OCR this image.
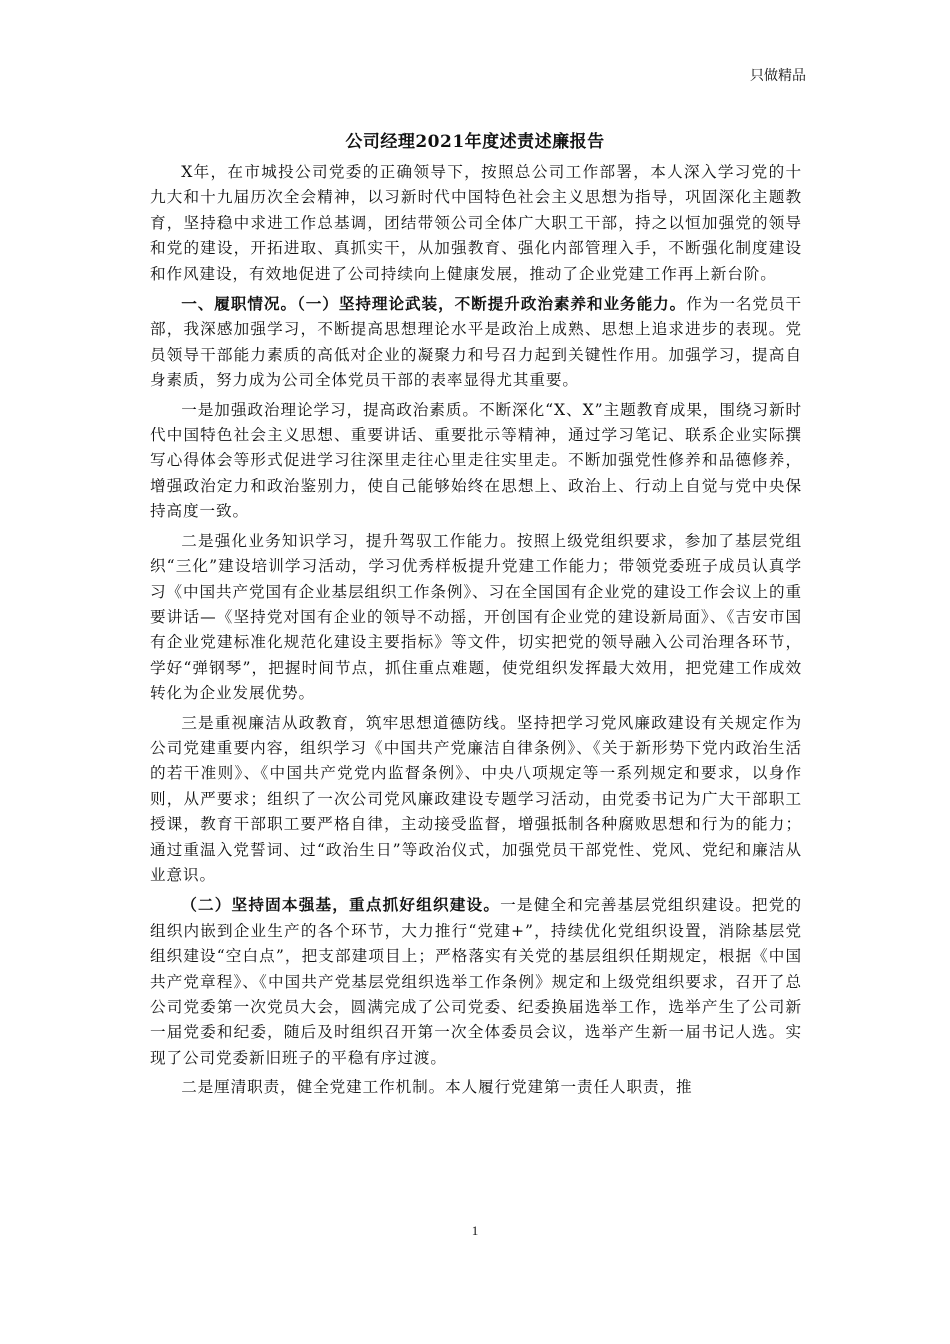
只做精品
公司经理2021年度述责述廉报告

X年，在市城投公司党委的正确领导下，按照总公司工作部署，本人深入学习党的十九大和十九届历次全会精神，以习新时代中国特色社会主义思想为指导，巩固深化主题教育，坚持稳中求进工作总基调，团结带领公司全体广大职工干部，持之以恒加强党的领导和党的建设，开拓进取、真抓实干，从加强教育、强化内部管理入手，不断强化制度建设和作风建设，有效地促进了公司持续向上健康发展，推动了企业党建工作再上新台阶。

一、履职情况。（一）坚持理论武装，不断提升政治素养和业务能力。作为一名党员干部，我深感加强学习，不断提高思想理论水平是政治上成熟、思想上追求进步的表现。党员领导干部能力素质的高低对企业的凝聚力和号召力起到关键性作用。加强学习，提高自身素质，努力成为公司全体党员干部的表率显得尤其重要。

一是加强政治理论学习，提高政治素质。不断深化“X、X”主题教育成果，围绕习新时代中国特色社会主义思想、重要讲话、重要批示等精神，通过学习笔记、联系企业实际撰写心得体会等形式促进学习往深里走往心里走往实里走。不断加强党性修养和品德修养，增强政治定力和政治鉴别力，使自己能够始终在思想上、政治上、行动上自觉与党中央保持高度一致。

二是强化业务知识学习，提升驾驭工作能力。按照上级党组织要求，参加了基层党组织“三化”建设培训学习活动，学习优秀样板提升党建工作能力；带领党委班子成员认真学习《中国共产党国有企业基层组织工作条例》、习在全国国有企业党的建设工作会议上的重要讲话—《坚持党对国有企业的领导不动摇，开创国有企业党的建设新局面》、《吉安市国有企业党建标准化规范化建设主要指标》等文件，切实把党的领导融入公司治理各环节，学好“弹钢琴”，把握时间节点，抓住重点难题，使党组织发挥最大效用，把党建工作成效转化为企业发展优势。

三是重视廉洁从政教育，筑牢思想道德防线。坚持把学习党风廉政建设有关规定作为公司党建重要内容，组织学习《中国共产党廉洁自律条例》、《关于新形势下党内政治生活的若干准则》、《中国共产党党内监督条例》、中央八项规定等一系列规定和要求，以身作则，从严要求；组织了一次公司党风廉政建设专题学习活动，由党委书记为广大干部职工授课，教育干部职工要严格自律，主动接受监督，增强抵制各种腐败思想和行为的能力；通过重温入党誓词、过“政治生日”等政治仪式，加强党员干部党性、党风、党纪和廉洁从业意识。

（二）坚持固本强基，重点抓好组织建设。一是健全和完善基层党组织建设。把党的组织内嵌到企业生产的各个环节，大力推行“党建+”，持续优化党组织设置，消除基层党组织建设“空白点”，把支部建项目上；严格落实有关党的基层组织任期规定，根据《中国共产党章程》、《中国共产党基层党组织选举工作条例》规定和上级党组织要求，召开了总公司党委第一次党员大会，圆满完成了公司党委、纪委换届选举工作，选举产生了公司新一届党委和纪委，随后及时组织召开第一次全体委员会议，选举产生新一届书记人选。实现了公司党委新旧班子的平稳有序过渡。

二是厘清职责，健全党建工作机制。本人履行党建第一责任人职责，推

1
